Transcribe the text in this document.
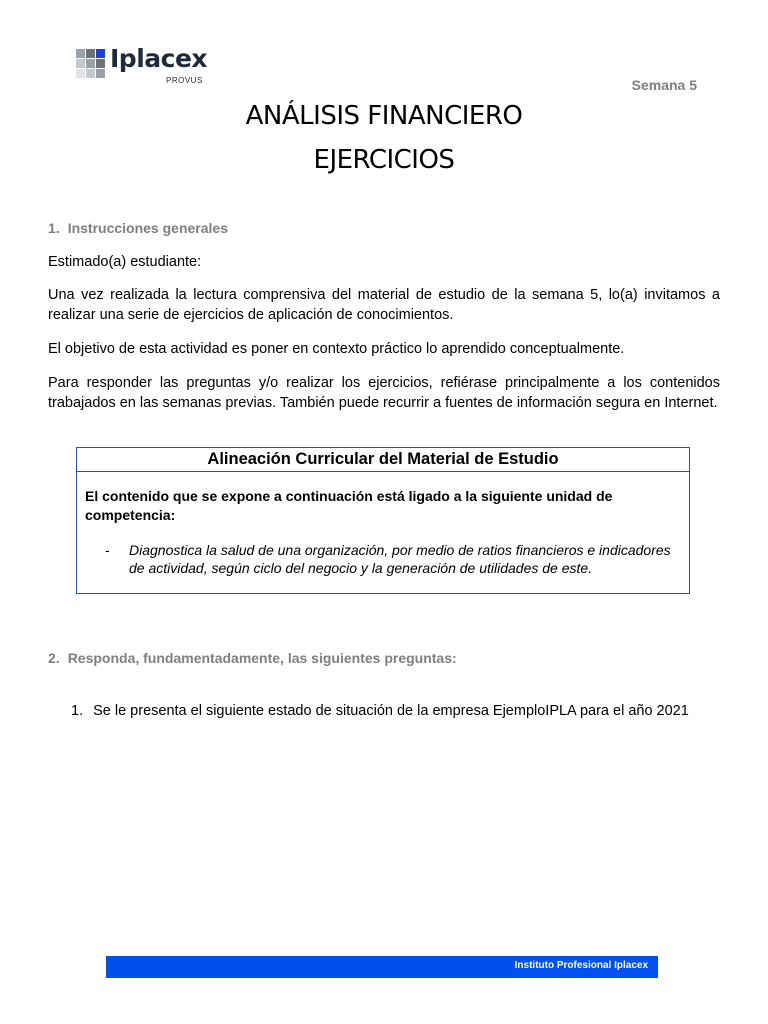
Iplacex
PROVUS	Semana 5
ANÁLISIS FINANCIERO
EJERCICIOS
1. Instrucciones generales
Estimado(a) estudiante:
Una vez realizada la lectura comprensiva del material de estudio de la semana 5, lo(a) invitamos a realizar una serie de ejercicios de aplicación de conocimientos.
El objetivo de esta actividad es poner en contexto práctico lo aprendido conceptualmente.
Para responder las preguntas y/o realizar los ejercicios, refiérase principalmente a los contenidos trabajados en las semanas previas. También puede recurrir a fuentes de información segura en Internet.
Alineación Curricular del Material de Estudio
El contenido que se expone a continuación está ligado a la siguiente unidad de competencia:
-	Diagnostica la salud de una organización, por medio de ratios financieros e indicadores de actividad, según ciclo del negocio y la generación de utilidades de este.
2. Responda, fundamentadamente, las siguientes preguntas:
1. Se le presenta el siguiente estado de situación de la empresa EjemploIPLA para el año 2021
Instituto Profesional Iplacex
